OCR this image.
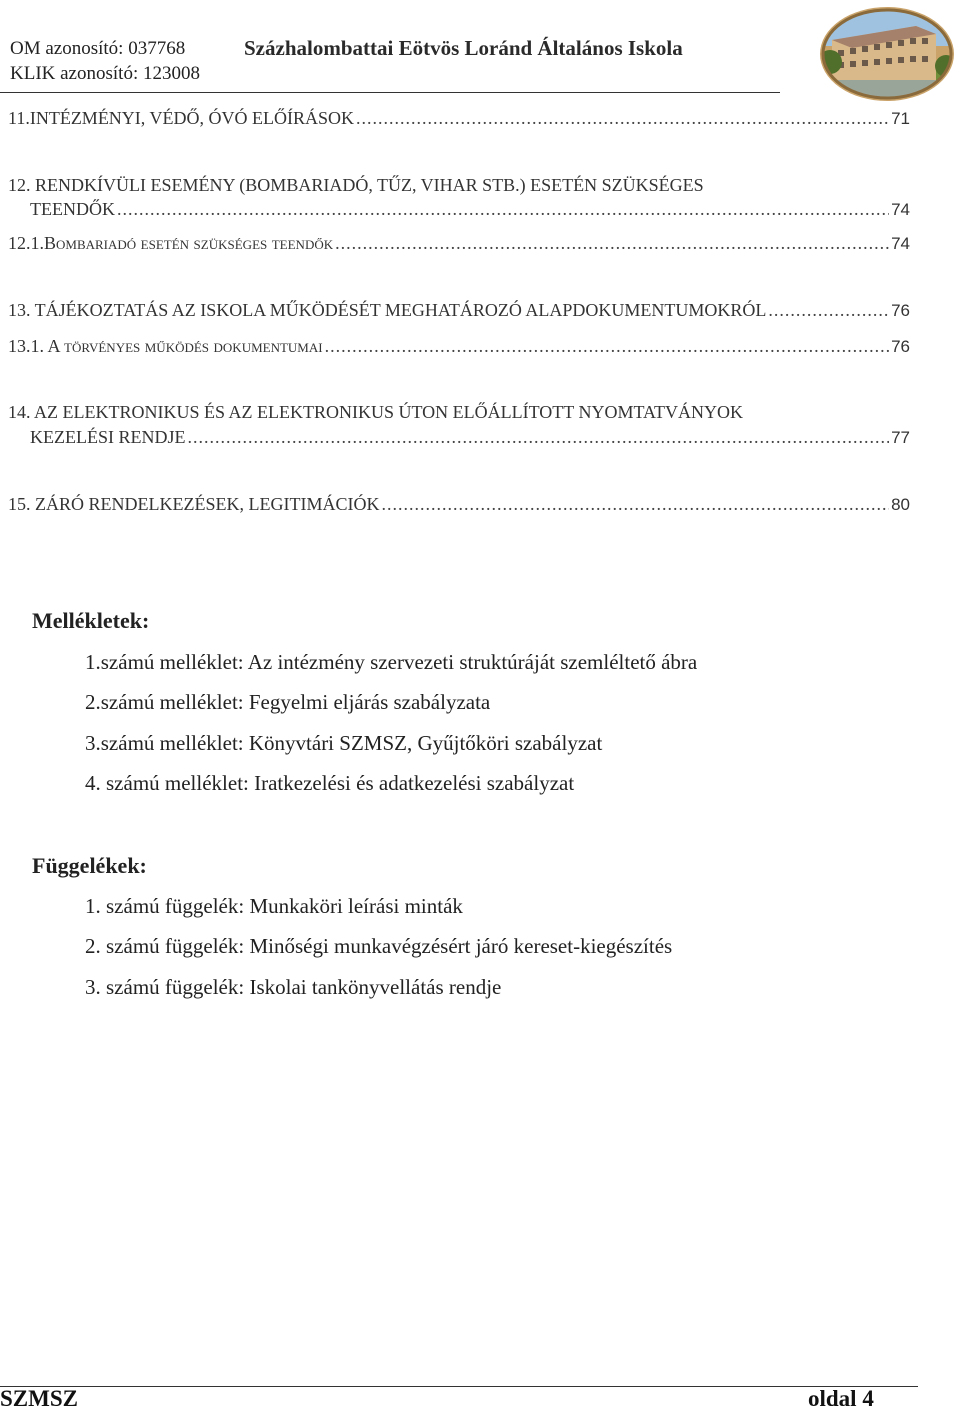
OM azonosító: 037768
KLIK azonosító: 123008
Százhalombattai Eötvös Loránd Általános Iskola
11.INTÉZMÉNYI, VÉDŐ, ÓVÓ ELŐÍRÁSOK .....	71
12. RENDKÍVÜLI ESEMÉNY (BOMBARIADÓ, TŰZ, VIHAR STB.) ESETÉN SZÜKSÉGES
TEENDŐK .....	74
12.1.Bombariadó esetén szükséges teendők .....	74
13. TÁJÉKOZTATÁS AZ ISKOLA MŰKÖDÉSÉT MEGHATÁROZÓ ALAPDOKUMENTUMOKRÓL .....	76
13.1. A törvényes működés dokumentumai .....	76
14. AZ ELEKTRONIKUS ÉS AZ ELEKTRONIKUS ÚTON ELŐÁLLÍTOTT NYOMTATVÁNYOK
KEZELÉSI RENDJE .....	77
15. ZÁRÓ RENDELKEZÉSEK, LEGITIMÁCIÓK .....	80
Mellékletek:
1.számú melléklet: Az intézmény szervezeti struktúráját szemléltető ábra
2.számú melléklet: Fegyelmi eljárás szabályzata
3.számú melléklet: Könyvtári SZMSZ, Gyűjtőköri szabályzat
4. számú melléklet: Iratkezelési és adatkezelési szabályzat
Függelékek:
1. számú függelék: Munkaköri leírási minták
2. számú függelék: Minőségi munkavégzésért járó kereset-kiegészítés
3. számú függelék: Iskolai tankönyvellátás rendje
SZMSZ	oldal 4
